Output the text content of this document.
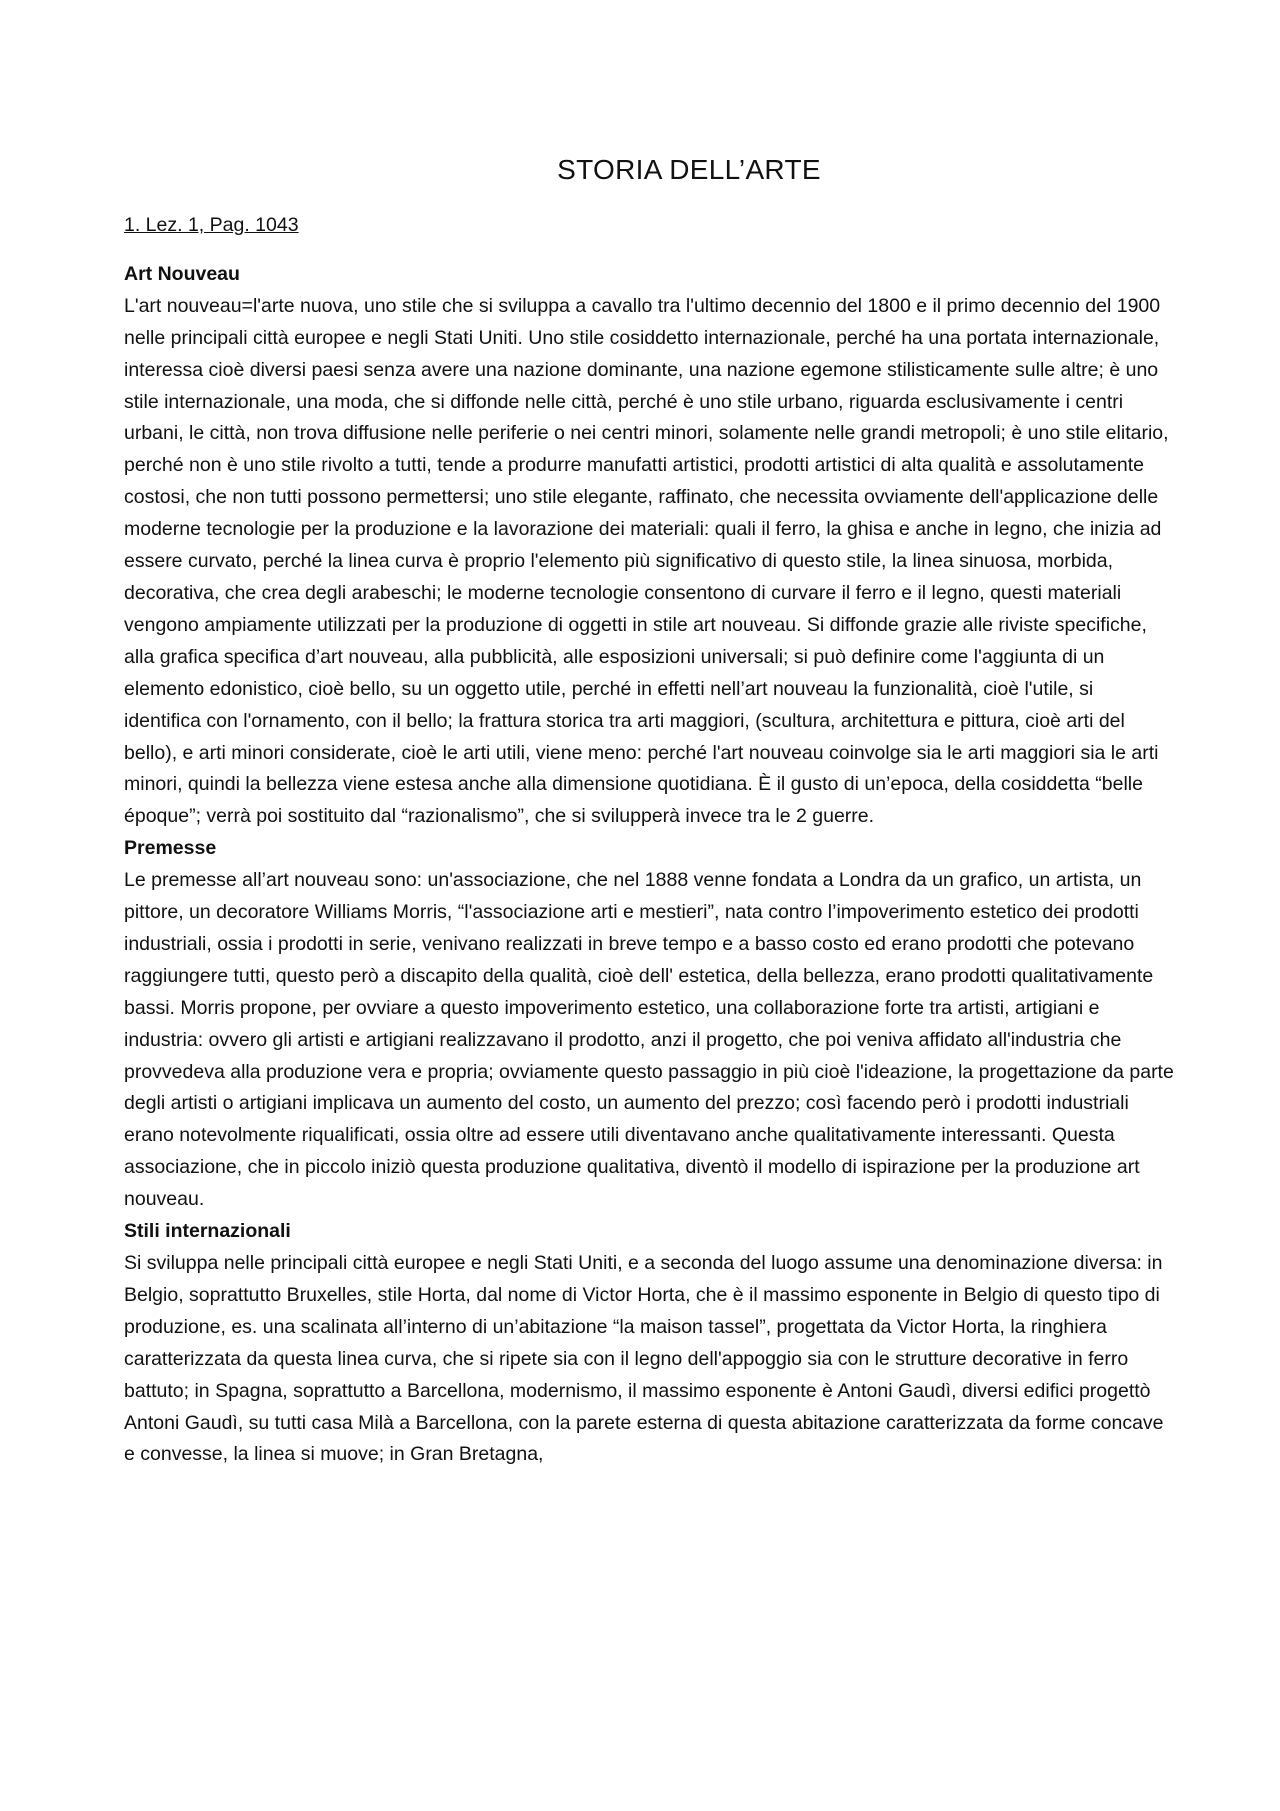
STORIA DELL’ARTE
1. Lez. 1, Pag. 1043
Art Nouveau

L'art nouveau=l'arte nuova, uno stile che si sviluppa a cavallo tra l'ultimo decennio del 1800 e il primo decennio del 1900 nelle principali città europee e negli Stati Uniti. Uno stile cosiddetto internazionale, perché ha una portata internazionale, interessa cioè diversi paesi senza avere una nazione dominante, una nazione egemone stilisticamente sulle altre; è uno stile internazionale, una moda, che si diffonde nelle città, perché è uno stile urbano, riguarda esclusivamente i centri urbani, le città, non trova diffusione nelle periferie o nei centri minori, solamente nelle grandi metropoli; è uno stile elitario, perché non è uno stile rivolto a tutti, tende a produrre manufatti artistici, prodotti artistici di alta qualità e assolutamente costosi, che non tutti possono permettersi; uno stile elegante, raffinato, che necessita ovviamente dell'applicazione delle moderne tecnologie per la produzione e la lavorazione dei materiali: quali il ferro, la ghisa e anche in legno, che inizia ad essere curvato, perché la linea curva è proprio l'elemento più significativo di questo stile, la linea sinuosa, morbida, decorativa, che crea degli arabeschi; le moderne tecnologie consentono di curvare il ferro e il legno, questi materiali vengono ampiamente utilizzati per la produzione di oggetti in stile art nouveau. Si diffonde grazie alle riviste specifiche, alla grafica specifica d’art nouveau, alla pubblicità, alle esposizioni universali; si può definire come l'aggiunta di un elemento edonistico, cioè bello, su un oggetto utile, perché in effetti nell’art nouveau la funzionalità, cioè l'utile, si identifica con l'ornamento, con il bello; la frattura storica tra arti maggiori, (scultura, architettura e pittura, cioè arti del bello), e arti minori considerate, cioè le arti utili, viene meno: perché l'art nouveau coinvolge sia le arti maggiori sia le arti minori, quindi la bellezza viene estesa anche alla dimensione quotidiana. È il gusto di un’epoca, della cosiddetta “belle époque”; verrà poi sostituito dal “razionalismo”, che si svilupperà invece tra le 2 guerre.

Premesse

Le premesse all’art nouveau sono: un'associazione, che nel 1888 venne fondata a Londra da un grafico, un artista, un pittore, un decoratore Williams Morris, “l'associazione arti e mestieri”, nata contro l’impoverimento estetico dei prodotti industriali, ossia i prodotti in serie, venivano realizzati in breve tempo e a basso costo ed erano prodotti che potevano raggiungere tutti, questo però a discapito della qualità, cioè dell' estetica, della bellezza, erano prodotti qualitativamente bassi. Morris propone, per ovviare a questo impoverimento estetico, una collaborazione forte tra artisti, artigiani e industria: ovvero gli artisti e artigiani realizzavano il prodotto, anzi il progetto, che poi veniva affidato all'industria che provvedeva alla produzione vera e propria; ovviamente questo passaggio in più cioè l'ideazione, la progettazione da parte degli artisti o artigiani implicava un aumento del costo, un aumento del prezzo; così facendo però i prodotti industriali erano notevolmente riqualificati, ossia oltre ad essere utili diventavano anche qualitativamente interessanti. Questa associazione, che in piccolo iniziò questa produzione qualitativa, diventò il modello di ispirazione per la produzione art nouveau.

Stili internazionali

Si sviluppa nelle principali città europee e negli Stati Uniti, e a seconda del luogo assume una denominazione diversa: in Belgio, soprattutto Bruxelles, stile Horta, dal nome di Victor Horta, che è il massimo esponente in Belgio di questo tipo di produzione, es. una scalinata all’interno di un’abitazione “la maison tassel”, progettata da Victor Horta, la ringhiera caratterizzata da questa linea curva, che si ripete sia con il legno dell'appoggio sia con le strutture decorative in ferro battuto; in Spagna, soprattutto a Barcellona, modernismo, il massimo esponente è Antoni Gaudì, diversi edifici progettò Antoni Gaudì, su tutti casa Milà a Barcellona, con la parete esterna di questa abitazione caratterizzata da forme concave e convesse, la linea si muove; in Gran Bretagna,
